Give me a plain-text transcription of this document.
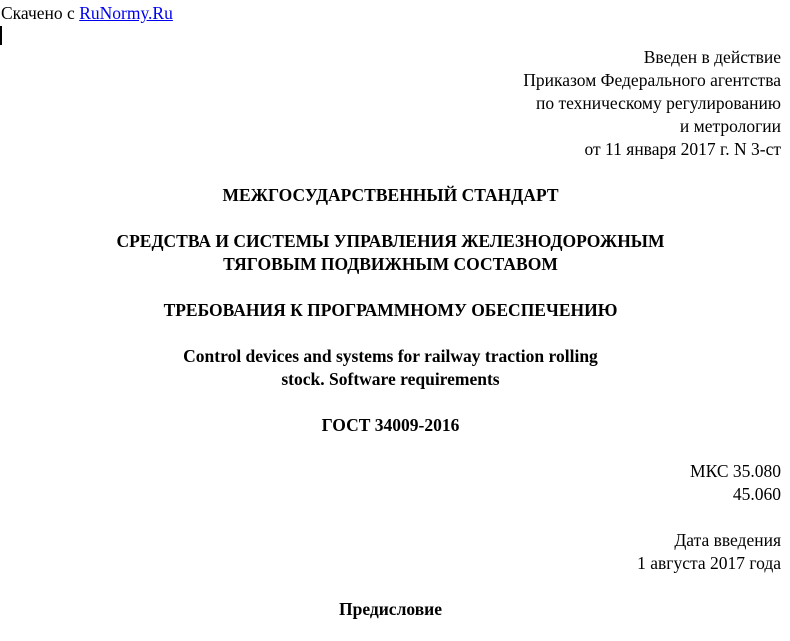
Скачено с RuNormy.Ru
Введен в действие
Приказом Федерального агентства
по техническому регулированию
и метрологии
от 11 января 2017 г. N 3-ст
МЕЖГОСУДАРСТВЕННЫЙ СТАНДАРТ
СРЕДСТВА И СИСТЕМЫ УПРАВЛЕНИЯ ЖЕЛЕЗНОДОРОЖНЫМ
ТЯГОВЫМ ПОДВИЖНЫМ СОСТАВОМ
ТРЕБОВАНИЯ К ПРОГРАММНОМУ ОБЕСПЕЧЕНИЮ
Control devices and systems for railway traction rolling
stock. Software requirements
ГОСТ 34009-2016
МКС 35.080
45.060
Дата введения
1 августа 2017 года
Предисловие
